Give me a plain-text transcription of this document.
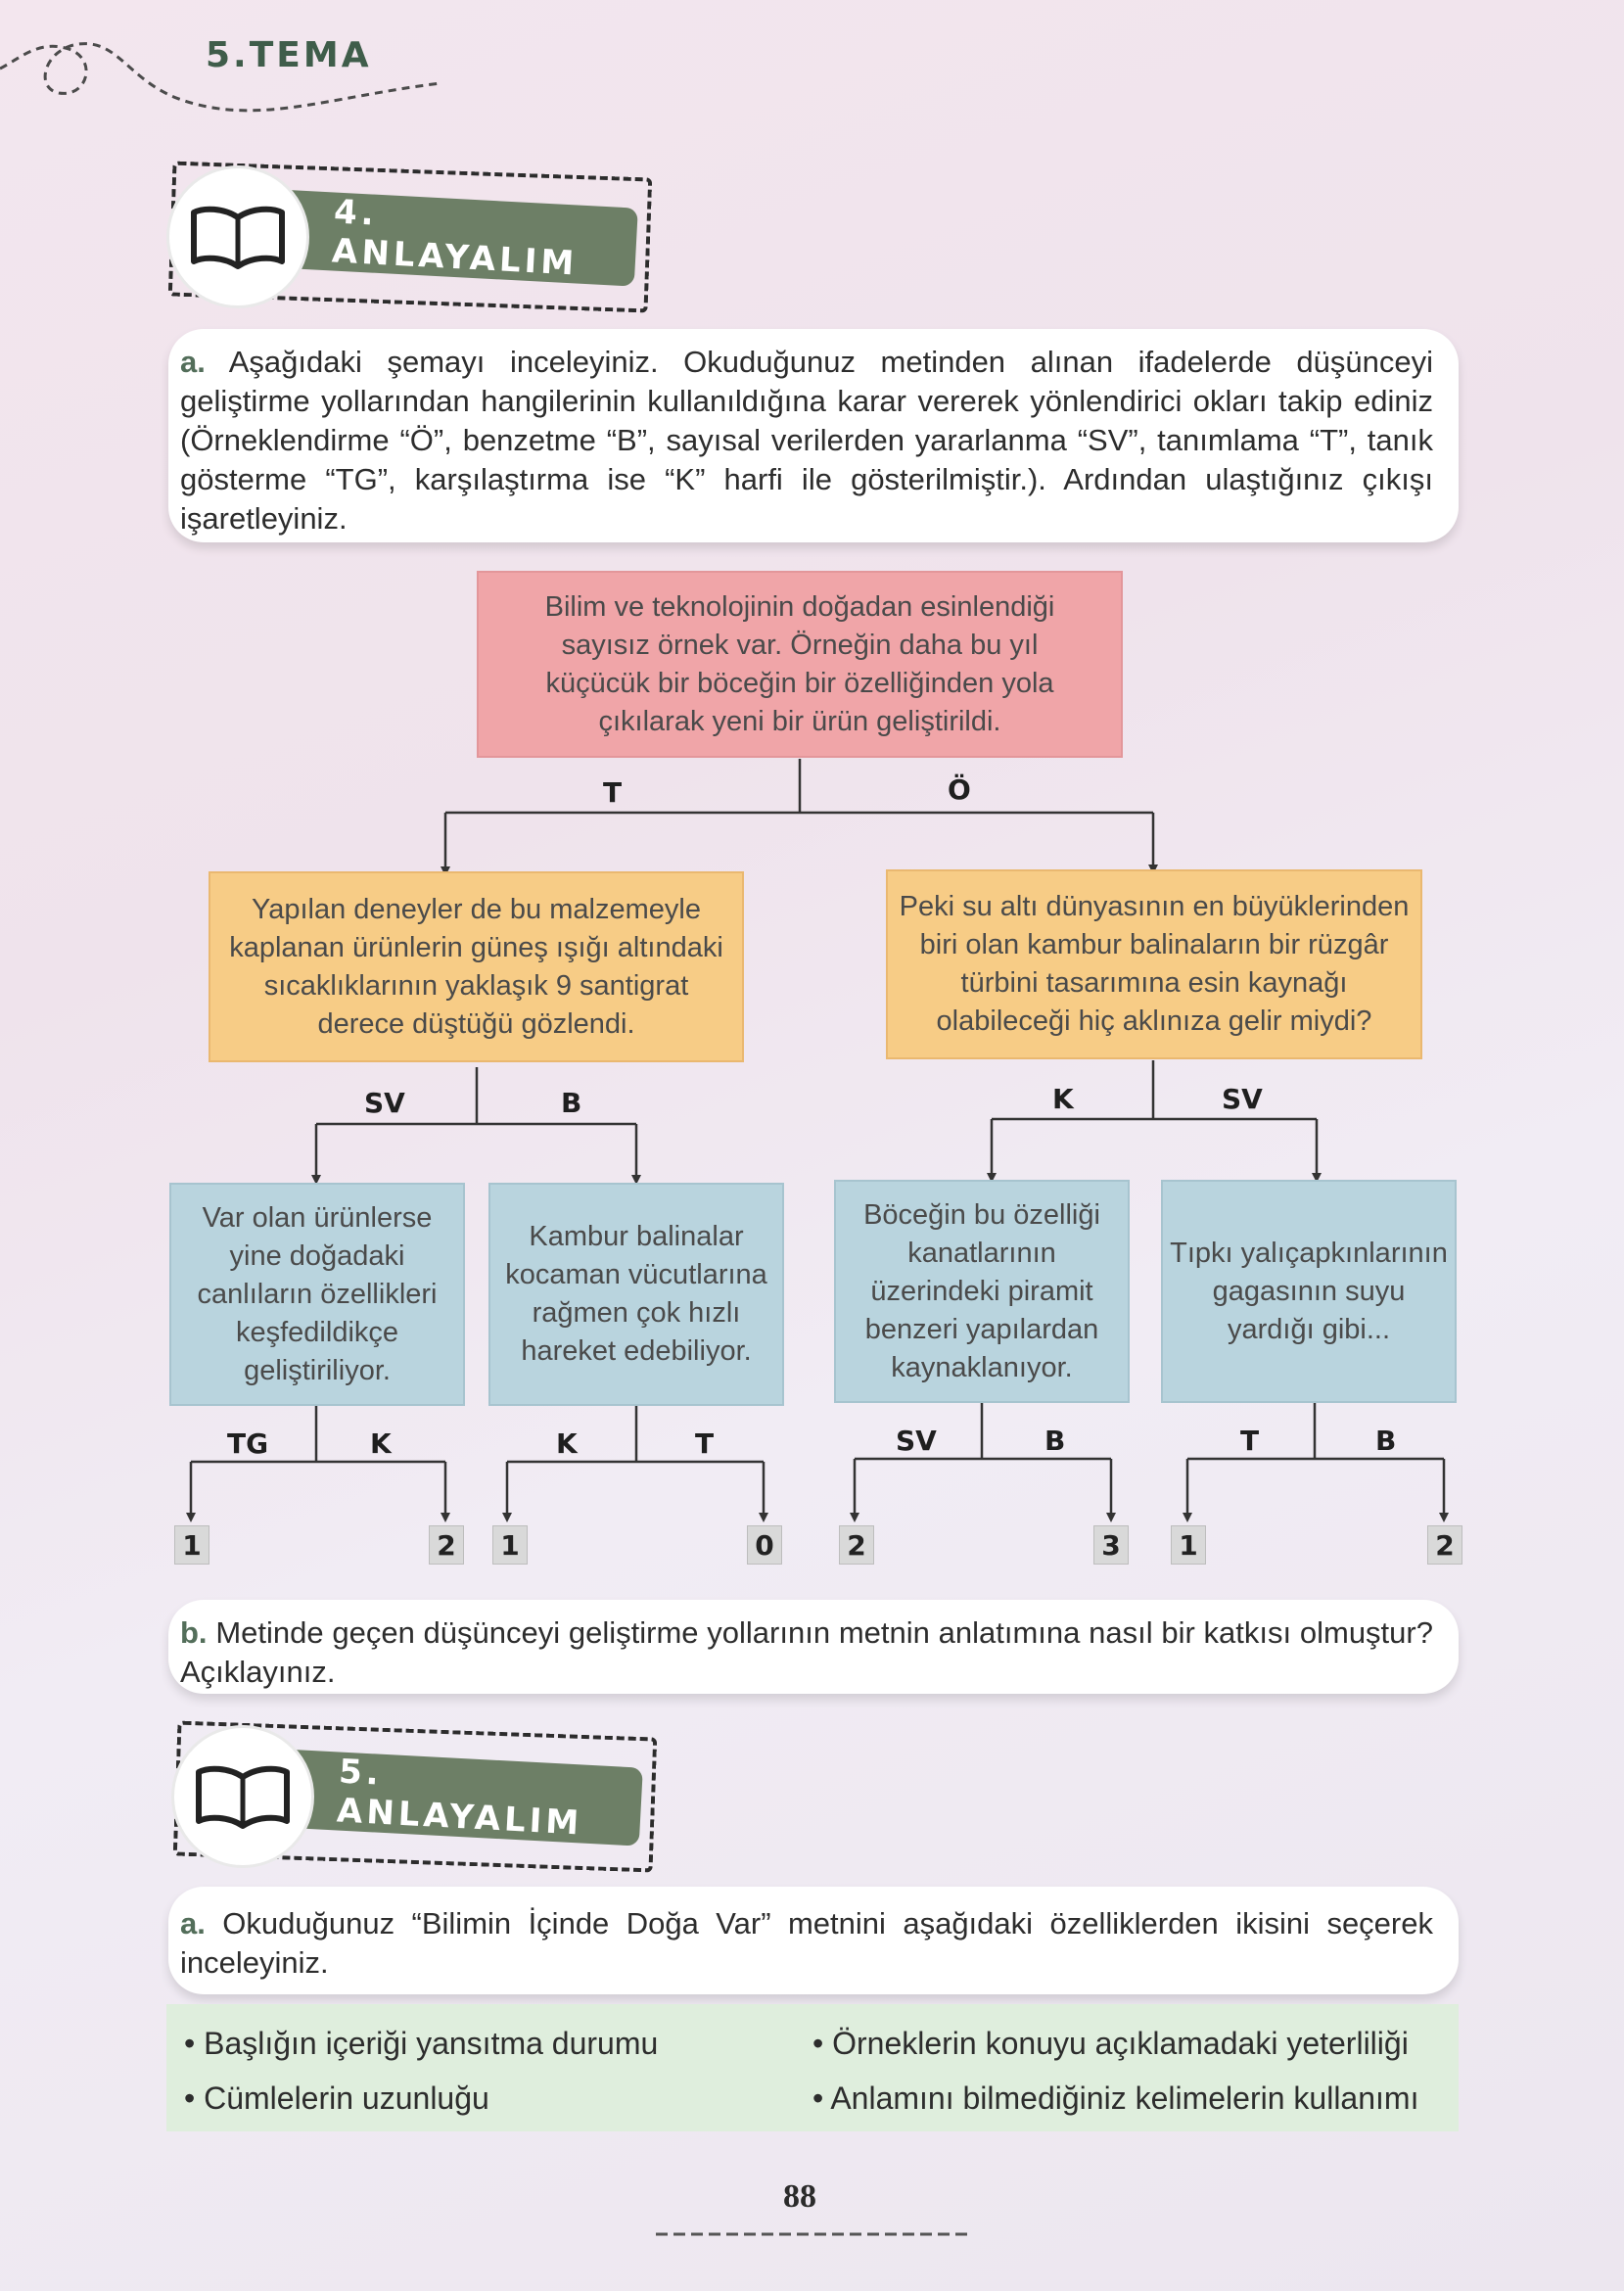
5.TEMA
4. ANLAYALIM
a. Aşağıdaki şemayı inceleyiniz. Okuduğunuz metinden alınan ifadelerde düşünceyi geliştirme yollarından hangilerinin kullanıldığına karar vererek yönlendirici okları takip ediniz (Örneklendirme “Ö”, benzetme “B”, sayısal verilerden yararlanma “SV”, tanımlama “T”, tanık gösterme “TG”, karşılaştırma ise “K” harfi ile gösterilmiştir.). Ardından ulaştığınız çıkışı işaretleyiniz.
Bilim ve teknolojinin doğadan esinlendiği sayısız örnek var. Örneğin daha bu yıl küçücük bir böceğin bir özelliğinden yola çıkılarak yeni bir ürün geliştirildi.
T	Ö
Yapılan deneyler de bu malzemeyle kaplanan ürünlerin güneş ışığı altındaki sıcaklıklarının yaklaşık 9 santigrat derece düştüğü gözlendi.
Peki su altı dünyasının en büyüklerinden biri olan kambur balinaların bir rüzgâr türbini tasarımına esin kaynağı olabileceği hiç aklınıza gelir miydi?
SV	B	K	SV
Var olan ürünlerse yine doğadaki canlıların özellikleri keşfedildikçe geliştiriliyor.
Kambur balinalar kocaman vücutlarına rağmen çok hızlı hareket edebiliyor.
Böceğin bu özelliği kanatlarının üzerindeki piramit benzeri yapılardan kaynaklanıyor.
Tıpkı yalıçapkınlarının gagasının suyu yardığı gibi...
TG	K	K	T	SV	B	T	B
1	2 1	0	2	3 1	2
b. Metinde geçen düşünceyi geliştirme yollarının metnin anlatımına nasıl bir katkısı olmuştur? Açıklayınız.
5. ANLAYALIM
a. Okuduğunuz “Bilimin İçinde Doğa Var” metnini aşağıdaki özelliklerden ikisini seçerek inceleyiniz.
• Başlığın içeriği yansıtma durumu	• Örneklerin konuyu açıklamadaki yeterliliği
• Cümlelerin uzunluğu	• Anlamını bilmediğiniz kelimelerin kullanımı
88
